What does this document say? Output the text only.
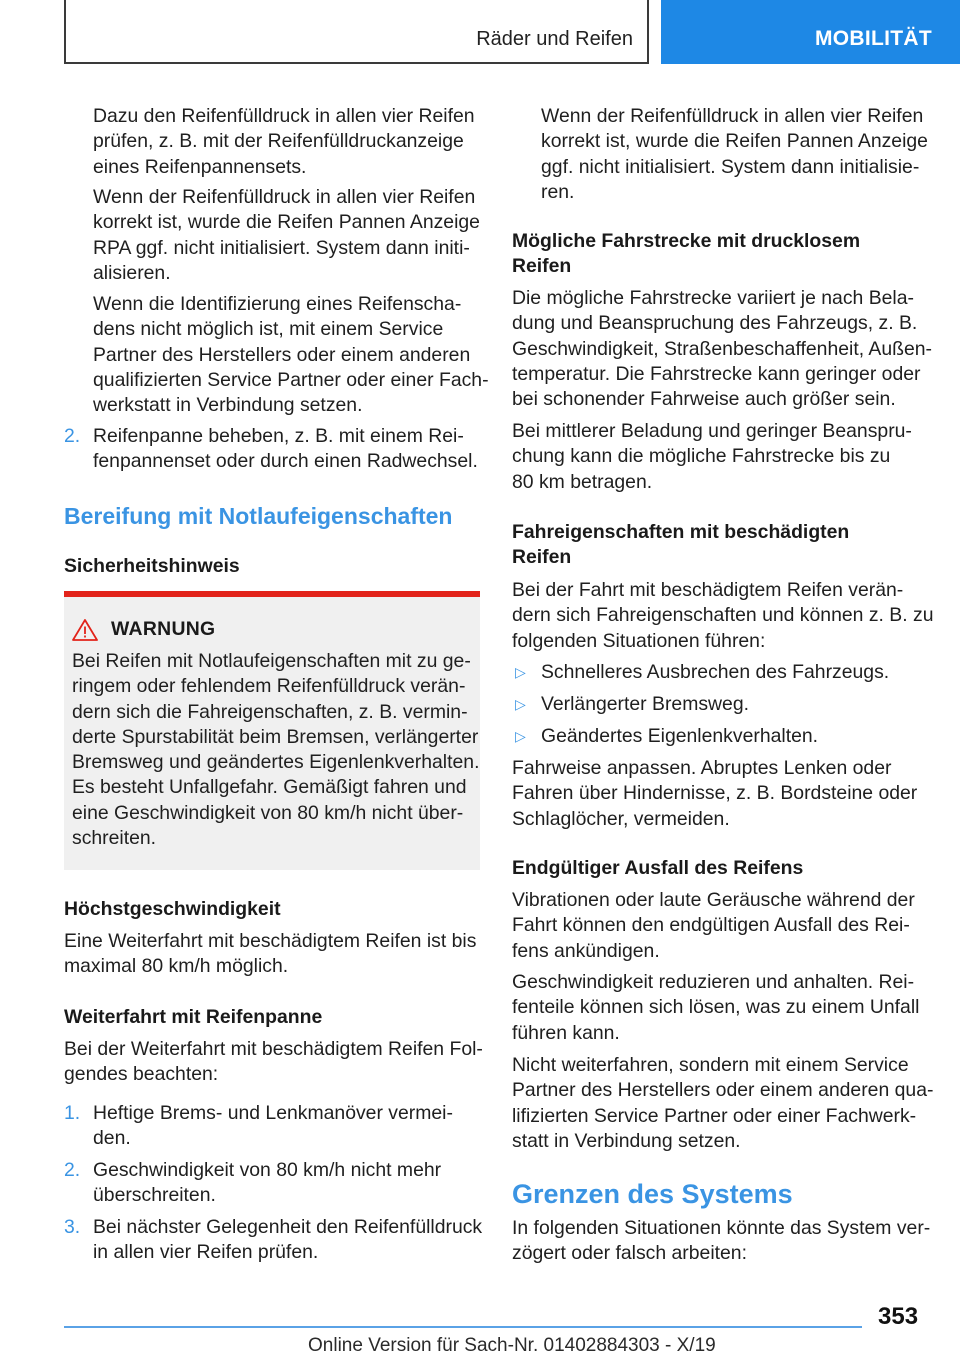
Räder und Reifen	MOBILITÄT
Dazu den Reifenfülldruck in allen vier Reifen
prüfen, z. B. mit der Reifenfülldruckanzeige
eines Reifenpannensets.
Wenn der Reifenfülldruck in allen vier Reifen
korrekt ist, wurde die Reifen Pannen Anzeige
RPA ggf. nicht initialisiert. System dann initi‐
alisieren.
Wenn die Identifizierung eines Reifenscha‐
dens nicht möglich ist, mit einem Service
Partner des Herstellers oder einem anderen
qualifizierten Service Partner oder einer Fach‐
werkstatt in Verbindung setzen.
2. Reifenpanne beheben, z. B. mit einem Rei‐
fenpannenset oder durch einen Radwechsel.
Bereifung mit Notlaufeigenschaften
Sicherheitshinweis
WARNUNG
Bei Reifen mit Notlaufeigenschaften mit zu ge‐
ringem oder fehlendem Reifenfülldruck verän‐
dern sich die Fahreigenschaften, z. B. vermin‐
derte Spurstabilität beim Bremsen, verlängerter
Bremsweg und geändertes Eigenlenkverhalten.
Es besteht Unfallgefahr. Gemäßigt fahren und
eine Geschwindigkeit von 80 km/h nicht über‐
schreiten.
Höchstgeschwindigkeit
Eine Weiterfahrt mit beschädigtem Reifen ist bis
maximal 80 km/h möglich.
Weiterfahrt mit Reifenpanne
Bei der Weiterfahrt mit beschädigtem Reifen Fol‐
gendes beachten:
1. Heftige Brems- und Lenkmanöver vermei‐
den.
2. Geschwindigkeit von 80 km/h nicht mehr
überschreiten.
3. Bei nächster Gelegenheit den Reifenfülldruck
in allen vier Reifen prüfen.
Wenn der Reifenfülldruck in allen vier Reifen
korrekt ist, wurde die Reifen Pannen Anzeige
ggf. nicht initialisiert. System dann initialisie‐
ren.
Mögliche Fahrstrecke mit drucklosem
Reifen
Die mögliche Fahrstrecke variiert je nach Bela‐
dung und Beanspruchung des Fahrzeugs, z. B.
Geschwindigkeit, Straßenbeschaffenheit, Außen‐
temperatur. Die Fahrstrecke kann geringer oder
bei schonender Fahrweise auch größer sein.
Bei mittlerer Beladung und geringer Beanspru‐
chung kann die mögliche Fahrstrecke bis zu
80 km betragen.
Fahreigenschaften mit beschädigten
Reifen
Bei der Fahrt mit beschädigtem Reifen verän‐
dern sich Fahreigenschaften und können z. B. zu
folgenden Situationen führen:
▷ Schnelleres Ausbrechen des Fahrzeugs.
▷ Verlängerter Bremsweg.
▷ Geändertes Eigenlenkverhalten.
Fahrweise anpassen. Abruptes Lenken oder
Fahren über Hindernisse, z. B. Bordsteine oder
Schlaglöcher, vermeiden.
Endgültiger Ausfall des Reifens
Vibrationen oder laute Geräusche während der
Fahrt können den endgültigen Ausfall des Rei‐
fens ankündigen.
Geschwindigkeit reduzieren und anhalten. Rei‐
fenteile können sich lösen, was zu einem Unfall
führen kann.
Nicht weiterfahren, sondern mit einem Service
Partner des Herstellers oder einem anderen qua‐
lifizierten Service Partner oder einer Fachwerk‐
statt in Verbindung setzen.
Grenzen des Systems
In folgenden Situationen könnte das System ver‐
zögert oder falsch arbeiten:
353
Online Version für Sach-Nr. 01402884303 - X/19
